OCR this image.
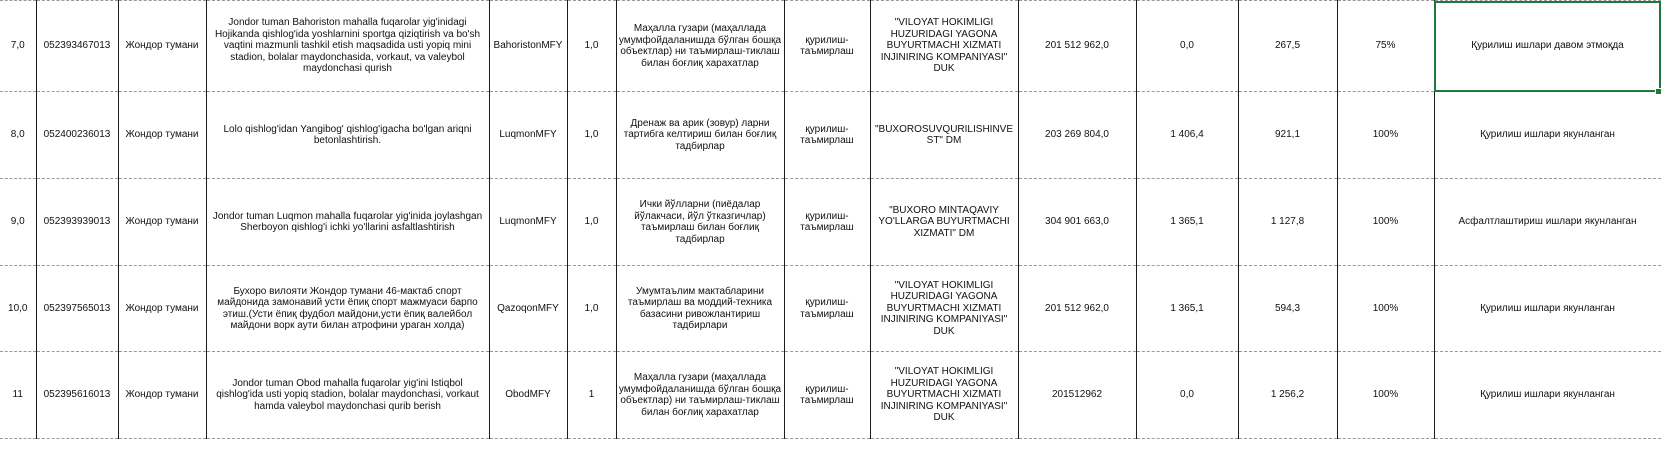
7,0	052393467013	Жондор тумани	Jondor tuman Bahoriston mahalla fuqarolar yig'inidagi Hojikanda qishlog'ida yoshlarnini sportga qiziqtirish va bo'sh vaqtini mazmunli tashkil etish maqsadida usti yopiq mini stadion, bolalar maydonchasida, vorkaut, va valeybol maydonchasi qurish	BahoristonMFY	1,0	Маҳалла гузари (маҳаллада умумфойдаланишда бўлган бошқа объектлар) ни таъмирлаш-тиклаш билан боғлиқ харахатлар	қурилиш-таъмирлаш	"VILOYAT HOKIMLIGI HUZURIDAGI YAGONA BUYURTMACHI XIZMATI INJINIRING KOMPANIYASI" DUK	201 512 962,0	0,0	267,5	75%	Қурилиш ишлари давом этмоқда
8,0	052400236013	Жондор тумани	Lolo qishlog'idan Yangibog' qishlog'igacha bo'lgan ariqni betonlashtirish.	LuqmonMFY	1,0	Дренаж ва арик (зовур) ларни тартибга келтириш билан боғлиқ тадбирлар	қурилиш-таъмирлаш	"BUXOROSUVQURILISHINVEST" DM	203 269 804,0	1 406,4	921,1	100%	Қурилиш ишлари якунланган
9,0	052393939013	Жондор тумани	Jondor tuman Luqmon mahalla fuqarolar yig'inida joylashgan Sherboyon qishlog'i ichki yo'llarini asfaltlashtirish	LuqmonMFY	1,0	Ички йўлларни (пиёдалар йўлакчаси, йўл ўтказгичлар) таъмирлаш билан боғлиқ тадбирлар	қурилиш-таъмирлаш	"BUXORO MINTAQAVIY YO'LLARGA BUYURTMACHI XIZMATI" DM	304 901 663,0	1 365,1	1 127,8	100%	Асфалтлаштириш ишлари якунланган
10,0	052397565013	Жондор тумани	Бухоро вилояти Жондор тумани 46-мактаб спорт майдонида замонавий усти ёпиқ спорт мажмуаси барпо этиш.(Усти ёпиқ фудбол майдони,усти ёпиқ валейбол майдони ворк аути билан атрофини ураган холда)	QazoqonMFY	1,0	Умумтаълим мактабларини таъмирлаш ва моддий-техника базасини ривожлантириш тадбирлари	қурилиш-таъмирлаш	"VILOYAT HOKIMLIGI HUZURIDAGI YAGONA BUYURTMACHI XIZMATI INJINIRING KOMPANIYASI" DUK	201 512 962,0	1 365,1	594,3	100%	Қурилиш ишлари якунланган
11	052395616013	Жондор тумани	Jondor tuman Obod mahalla fuqarolar yig'ini Istiqbol qishlog'ida usti yopiq stadion, bolalar maydonchasi, vorkaut hamda valeybol maydonchasi qurib berish	ObodMFY	1	Маҳалла гузари (маҳаллада умумфойдаланишда бўлган бошқа объектлар) ни таъмирлаш-тиклаш билан боғлиқ харахатлар	қурилиш-таъмирлаш	"VILOYAT HOKIMLIGI HUZURIDAGI YAGONA BUYURTMACHI XIZMATI INJINIRING KOMPANIYASI" DUK	201512962	0,0	1 256,2	100%	Қурилиш ишлари якунланган
